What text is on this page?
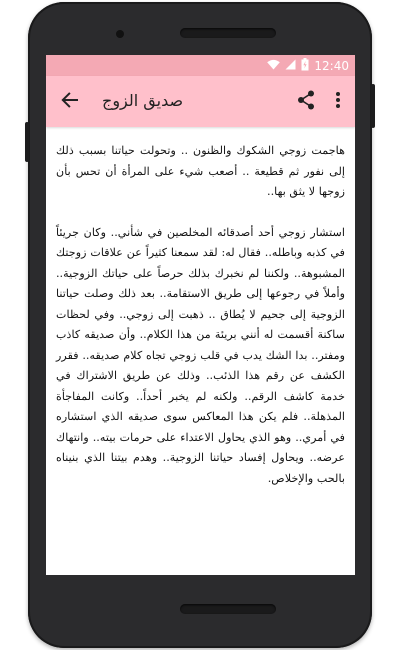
12:40
صديق الزوج

هاجمت زوجي الشكوك والظنون .. وتحولت حياتنا بسبب ذلك إلى نفور ثم قطيعة .. أصعب شيء على المرأة أن تحس بأن زوجها لا يثق بها..

استشار زوجي أحد أصدقائه المخلصين في شأني.. وكان جريئاً في كذبه وباطله.. فقال له: لقد سمعنا كثيراً عن علاقات زوجتك المشبوهة.. ولكننا لم نخبرك بذلك حرصاً على حياتك الزوجية.. وأملاً في رجوعها إلى طريق الاستقامة.. بعد ذلك وصلت حياتنا الزوجية إلى جحيم لا يُطاق .. ذهبت إلى زوجي.. وفي لحظات ساكنة أقسمت له أنني بريئة من هذا الكلام.. وأن صديقه كاذب ومفتر.. بدا الشك يدب في قلب زوجي تجاه كلام صديقه.. فقرر الكشف عن رقم هذا الذئب.. وذلك عن طريق الاشتراك في خدمة كاشف الرقم.. ولكنه لم يخبر أحداً.. وكانت المفاجأة المذهلة.. فلم يكن هذا المعاكس سوى صديقه الذي استشاره في أمري.. وهو الذي يحاول الاعتداء على حرمات بيته.. وانتهاك عرضه.. ويحاول إفساد حياتنا الزوجية.. وهدم بيتنا الذي بنيناه بالحب والإخلاص.
